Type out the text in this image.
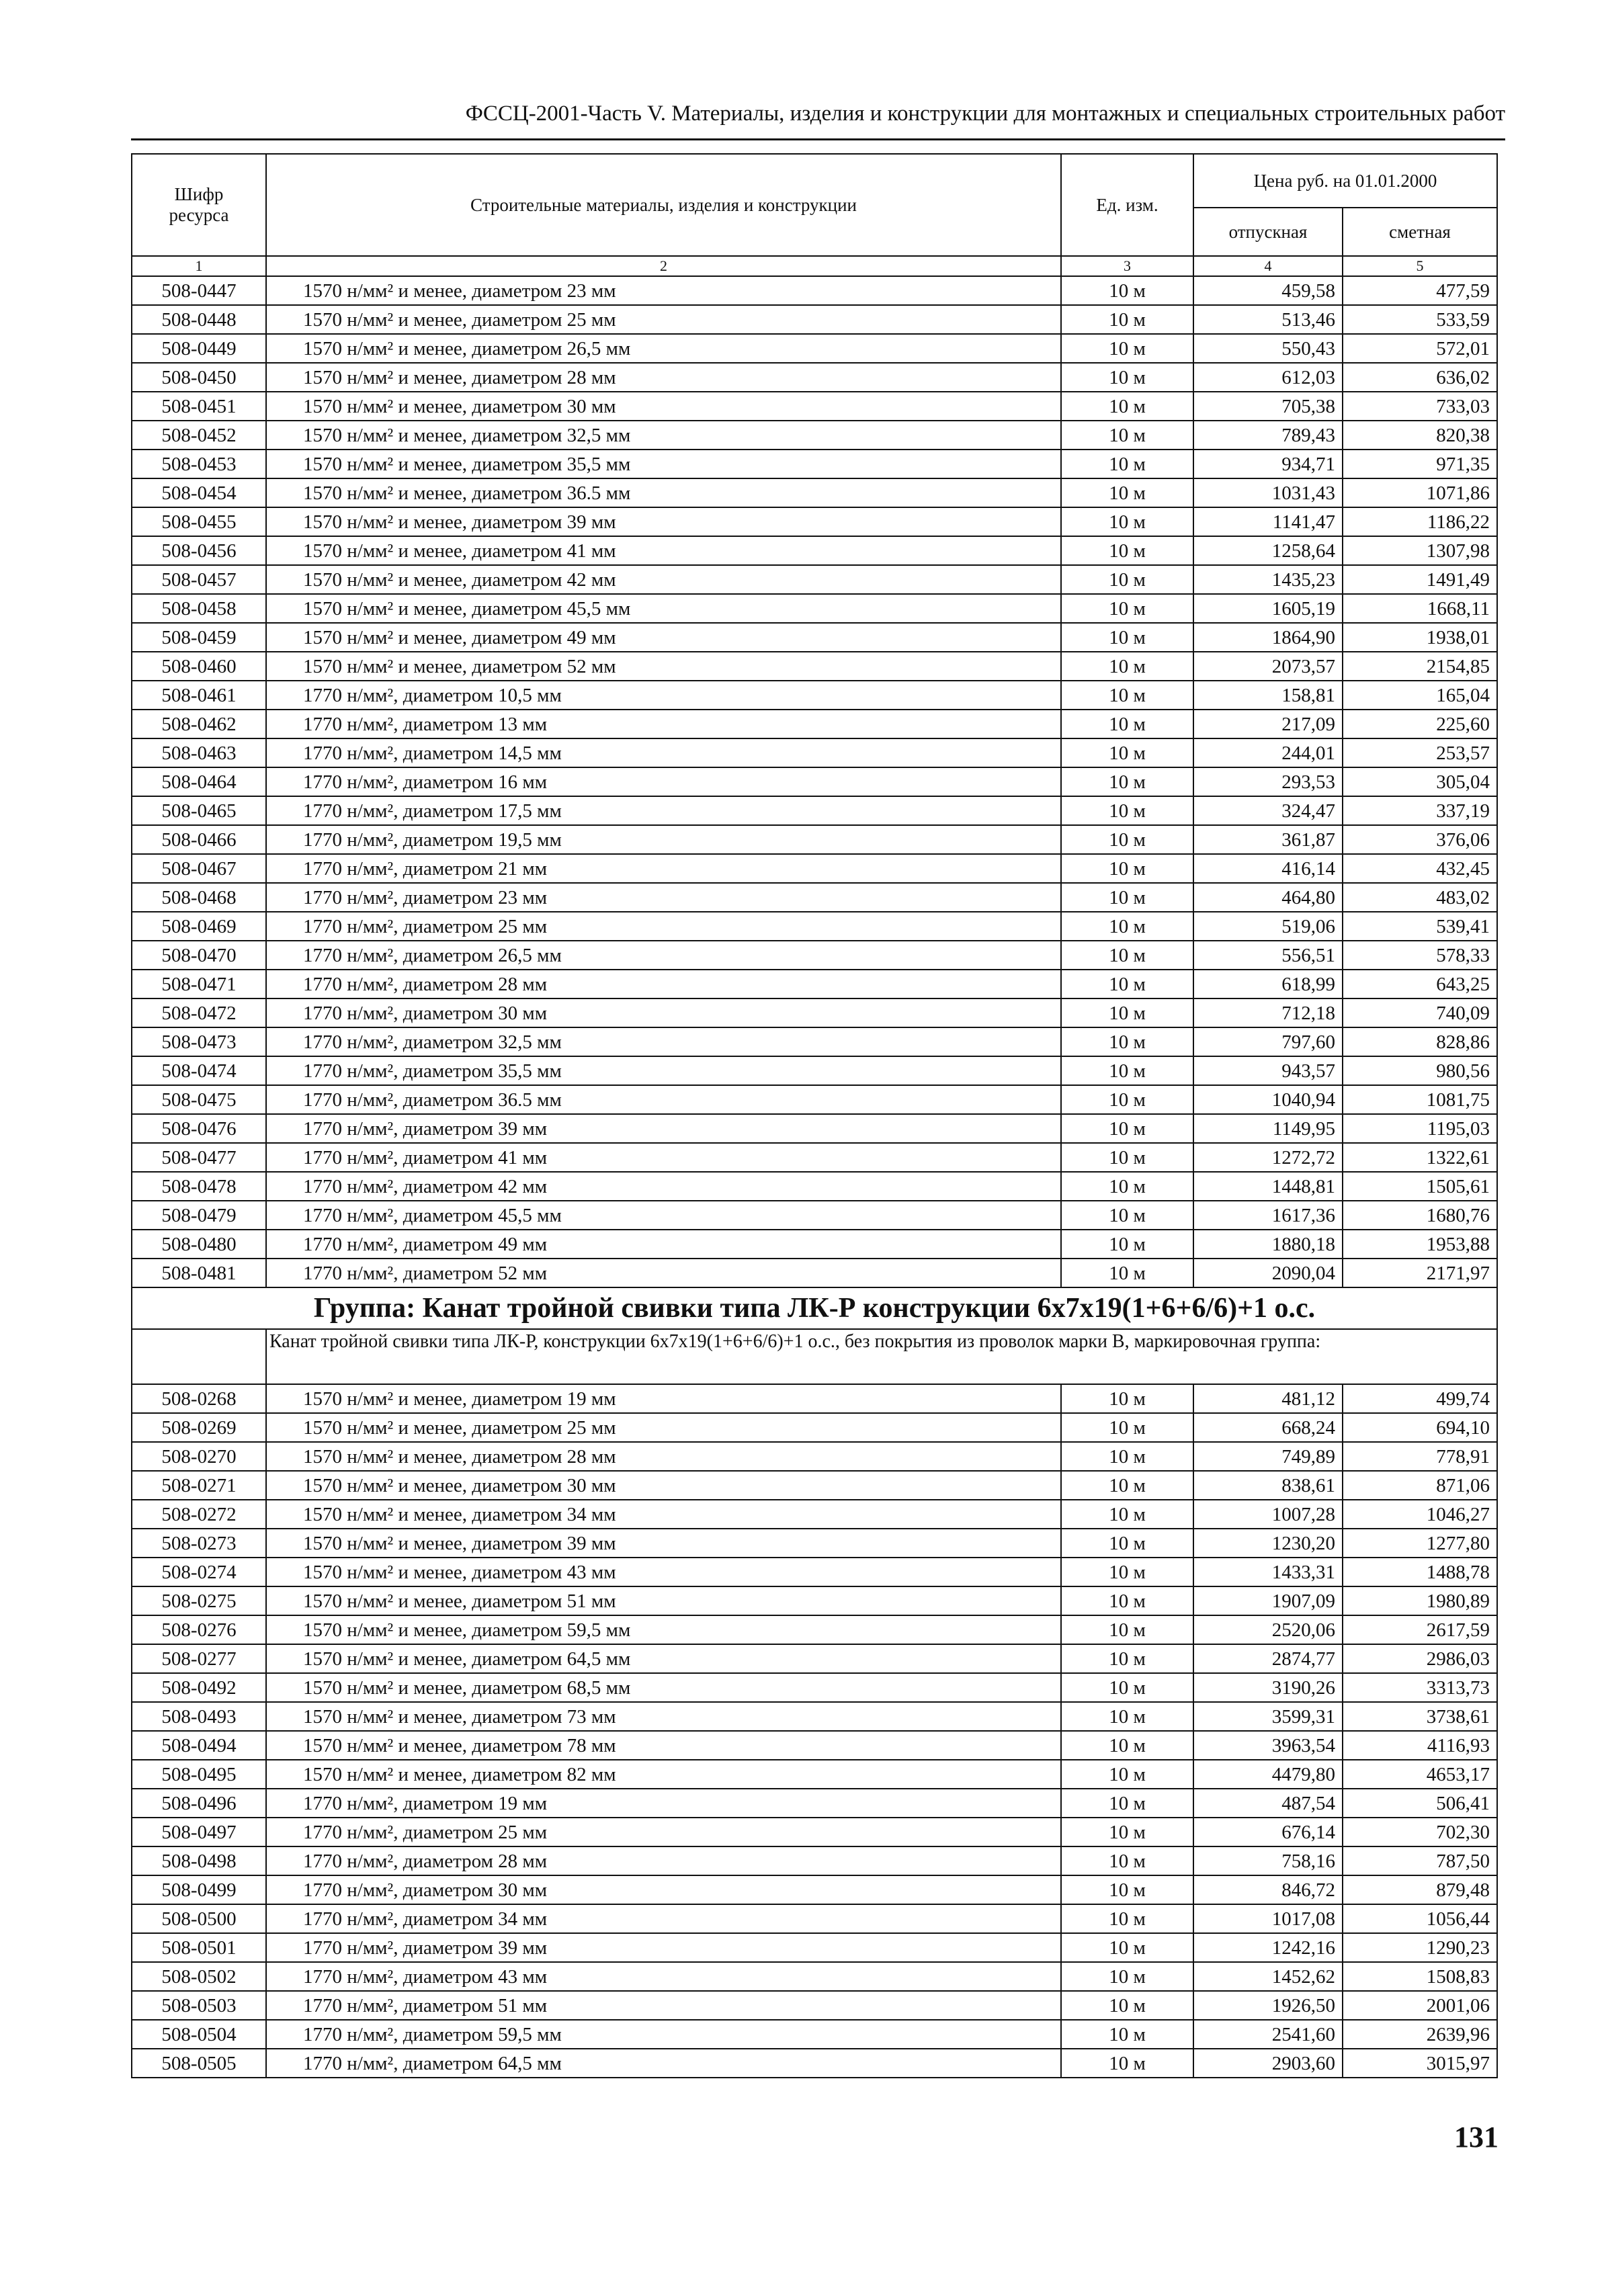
ФССЦ-2001-Часть V. Материалы, изделия и конструкции для монтажных и специальных строительных работ
Шифр ресурса	Строительные материалы, изделия и конструкции	Ед. изм.	Цена руб. на 01.01.2000	
			отпускная	сметная
1	2	3	4	5
508-0447	1570 н/мм² и менее, диаметром 23 мм	10 м	459,58	477,59
508-0448	1570 н/мм² и менее, диаметром 25 мм	10 м	513,46	533,59
508-0449	1570 н/мм² и менее, диаметром 26,5 мм	10 м	550,43	572,01
508-0450	1570 н/мм² и менее, диаметром 28 мм	10 м	612,03	636,02
508-0451	1570 н/мм² и менее, диаметром 30 мм	10 м	705,38	733,03
508-0452	1570 н/мм² и менее, диаметром 32,5 мм	10 м	789,43	820,38
508-0453	1570 н/мм² и менее, диаметром 35,5 мм	10 м	934,71	971,35
508-0454	1570 н/мм² и менее, диаметром 36.5 мм	10 м	1031,43	1071,86
508-0455	1570 н/мм² и менее, диаметром 39 мм	10 м	1141,47	1186,22
508-0456	1570 н/мм² и менее, диаметром 41 мм	10 м	1258,64	1307,98
508-0457	1570 н/мм² и менее, диаметром 42 мм	10 м	1435,23	1491,49
508-0458	1570 н/мм² и менее, диаметром 45,5 мм	10 м	1605,19	1668,11
508-0459	1570 н/мм² и менее, диаметром 49 мм	10 м	1864,90	1938,01
508-0460	1570 н/мм² и менее, диаметром 52 мм	10 м	2073,57	2154,85
508-0461	1770 н/мм², диаметром 10,5 мм	10 м	158,81	165,04
508-0462	1770 н/мм², диаметром 13 мм	10 м	217,09	225,60
508-0463	1770 н/мм², диаметром 14,5 мм	10 м	244,01	253,57
508-0464	1770 н/мм², диаметром 16 мм	10 м	293,53	305,04
508-0465	1770 н/мм², диаметром 17,5 мм	10 м	324,47	337,19
508-0466	1770 н/мм², диаметром 19,5 мм	10 м	361,87	376,06
508-0467	1770 н/мм², диаметром 21 мм	10 м	416,14	432,45
508-0468	1770 н/мм², диаметром 23 мм	10 м	464,80	483,02
508-0469	1770 н/мм², диаметром 25 мм	10 м	519,06	539,41
508-0470	1770 н/мм², диаметром 26,5 мм	10 м	556,51	578,33
508-0471	1770 н/мм², диаметром 28 мм	10 м	618,99	643,25
508-0472	1770 н/мм², диаметром 30 мм	10 м	712,18	740,09
508-0473	1770 н/мм², диаметром 32,5 мм	10 м	797,60	828,86
508-0474	1770 н/мм², диаметром 35,5 мм	10 м	943,57	980,56
508-0475	1770 н/мм², диаметром 36.5 мм	10 м	1040,94	1081,75
508-0476	1770 н/мм², диаметром 39 мм	10 м	1149,95	1195,03
508-0477	1770 н/мм², диаметром 41 мм	10 м	1272,72	1322,61
508-0478	1770 н/мм², диаметром 42 мм	10 м	1448,81	1505,61
508-0479	1770 н/мм², диаметром 45,5 мм	10 м	1617,36	1680,76
508-0480	1770 н/мм², диаметром 49 мм	10 м	1880,18	1953,88
508-0481	1770 н/мм², диаметром 52 мм	10 м	2090,04	2171,97
Группа: Канат тройной свивки типа ЛК-Р конструкции 6х7х19(1+6+6/6)+1 о.с.				
	Канат тройной свивки типа ЛК-Р, конструкции 6х7х19(1+6+6/6)+1 о.с., без покрытия из проволок марки В, маркировочная группа:			
508-0268	1570 н/мм² и менее, диаметром 19 мм	10 м	481,12	499,74
508-0269	1570 н/мм² и менее, диаметром 25 мм	10 м	668,24	694,10
508-0270	1570 н/мм² и менее, диаметром 28 мм	10 м	749,89	778,91
508-0271	1570 н/мм² и менее, диаметром 30 мм	10 м	838,61	871,06
508-0272	1570 н/мм² и менее, диаметром 34 мм	10 м	1007,28	1046,27
508-0273	1570 н/мм² и менее, диаметром 39 мм	10 м	1230,20	1277,80
508-0274	1570 н/мм² и менее, диаметром 43 мм	10 м	1433,31	1488,78
508-0275	1570 н/мм² и менее, диаметром 51 мм	10 м	1907,09	1980,89
508-0276	1570 н/мм² и менее, диаметром 59,5 мм	10 м	2520,06	2617,59
508-0277	1570 н/мм² и менее, диаметром 64,5 мм	10 м	2874,77	2986,03
508-0492	1570 н/мм² и менее, диаметром 68,5 мм	10 м	3190,26	3313,73
508-0493	1570 н/мм² и менее, диаметром 73 мм	10 м	3599,31	3738,61
508-0494	1570 н/мм² и менее, диаметром 78 мм	10 м	3963,54	4116,93
508-0495	1570 н/мм² и менее, диаметром 82 мм	10 м	4479,80	4653,17
508-0496	1770 н/мм², диаметром 19 мм	10 м	487,54	506,41
508-0497	1770 н/мм², диаметром 25 мм	10 м	676,14	702,30
508-0498	1770 н/мм², диаметром 28 мм	10 м	758,16	787,50
508-0499	1770 н/мм², диаметром 30 мм	10 м	846,72	879,48
508-0500	1770 н/мм², диаметром 34 мм	10 м	1017,08	1056,44
508-0501	1770 н/мм², диаметром 39 мм	10 м	1242,16	1290,23
508-0502	1770 н/мм², диаметром 43 мм	10 м	1452,62	1508,83
508-0503	1770 н/мм², диаметром 51 мм	10 м	1926,50	2001,06
508-0504	1770 н/мм², диаметром 59,5 мм	10 м	2541,60	2639,96
508-0505	1770 н/мм², диаметром 64,5 мм	10 м	2903,60	3015,97
131
